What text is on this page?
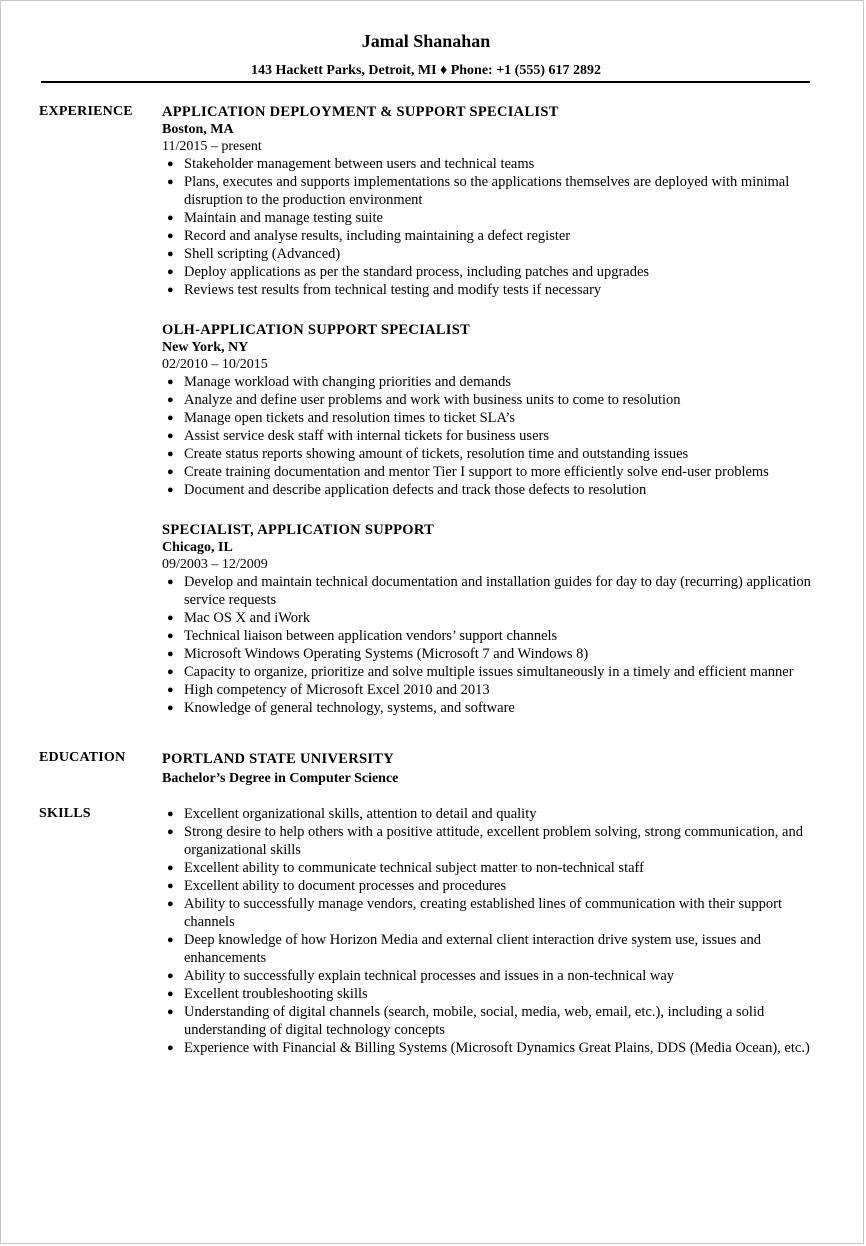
Jamal Shanahan
143 Hackett Parks, Detroit, MI ♦ Phone: +1 (555) 617 2892
EXPERIENCE APPLICATION DEPLOYMENT & SUPPORT SPECIALIST
Boston, MA
11/2015 – present
● Stakeholder management between users and technical teams
● Plans, executes and supports implementations so the applications themselves are deployed with minimal disruption to the production environment
● Maintain and manage testing suite
● Record and analyse results, including maintaining a defect register
● Shell scripting (Advanced)
● Deploy applications as per the standard process, including patches and upgrades
● Reviews test results from technical testing and modify tests if necessary
OLH-APPLICATION SUPPORT SPECIALIST
New York, NY
02/2010 – 10/2015
● Manage workload with changing priorities and demands
● Analyze and define user problems and work with business units to come to resolution
● Manage open tickets and resolution times to ticket SLA’s
● Assist service desk staff with internal tickets for business users
● Create status reports showing amount of tickets, resolution time and outstanding issues
● Create training documentation and mentor Tier I support to more efficiently solve end-user problems
● Document and describe application defects and track those defects to resolution
SPECIALIST, APPLICATION SUPPORT
Chicago, IL
09/2003 – 12/2009
● Develop and maintain technical documentation and installation guides for day to day (recurring) application service requests
● Mac OS X and iWork
● Technical liaison between application vendors’ support channels
● Microsoft Windows Operating Systems (Microsoft 7 and Windows 8)
● Capacity to organize, prioritize and solve multiple issues simultaneously in a timely and efficient manner
● High competency of Microsoft Excel 2010 and 2013
● Knowledge of general technology, systems, and software
EDUCATION	PORTLAND STATE UNIVERSITY
Bachelor’s Degree in Computer Science
SKILLS	● Excellent organizational skills, attention to detail and quality
● Strong desire to help others with a positive attitude, excellent problem solving, strong communication, and organizational skills
● Excellent ability to communicate technical subject matter to non-technical staff
● Excellent ability to document processes and procedures
● Ability to successfully manage vendors, creating established lines of communication with their support channels
● Deep knowledge of how Horizon Media and external client interaction drive system use, issues and enhancements
● Ability to successfully explain technical processes and issues in a non-technical way
● Excellent troubleshooting skills
● Understanding of digital channels (search, mobile, social, media, web, email, etc.), including a solid understanding of digital technology concepts
● Experience with Financial & Billing Systems (Microsoft Dynamics Great Plains, DDS (Media Ocean), etc.)
